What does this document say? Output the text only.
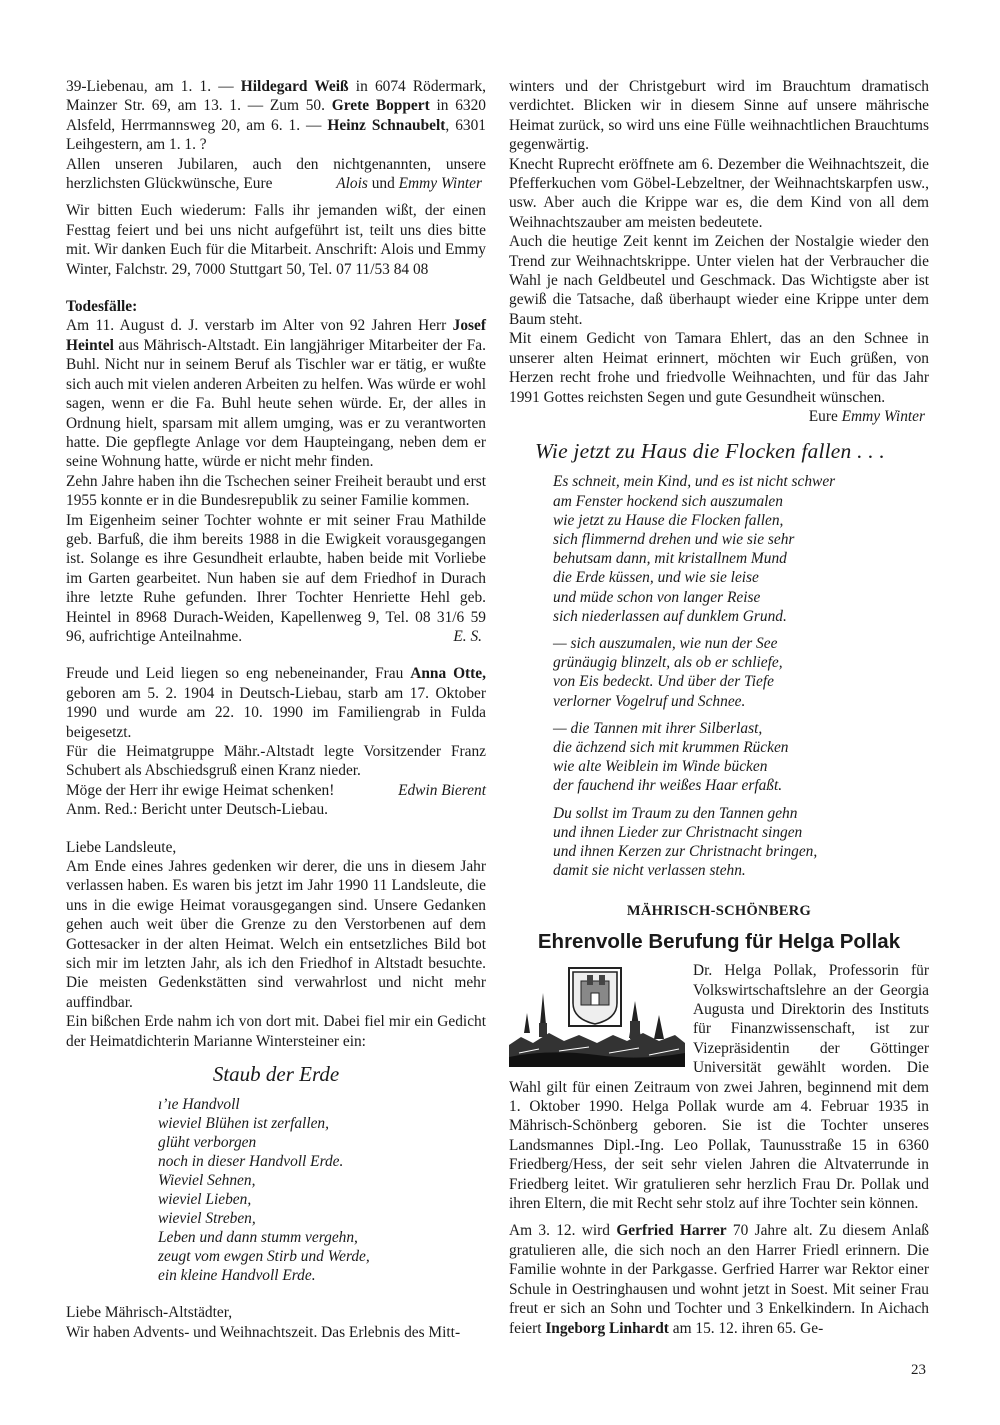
39-Liebenau, am 1. 1. — Hildegard Weiß in 6074 Rödermark, Mainzer Str. 69, am 13. 1. — Zum 50. Grete Boppert in 6320 Alsfeld, Herrmannsweg 20, am 6. 1. — Heinz Schnaubelt, 6301 Leihgestern, am 1. 1. ?

Allen unseren Jubilaren, auch den nichtgenannten, unsere herzlichsten Glückwünsche, Eure	Alois und Emmy Winter

Wir bitten Euch wiederum: Falls ihr jemanden wißt, der einen Festtag feiert und bei uns nicht aufgeführt ist, teilt uns dies bitte mit. Wir danken Euch für die Mitarbeit. Anschrift: Alois und Emmy Winter, Falchstr. 29, 7000 Stuttgart 50, Tel. 07 11/53 84 08

Todesfälle:

Am 11. August d. J. verstarb im Alter von 92 Jahren Herr Josef Heintel aus Mährisch-Altstadt. Ein langjähriger Mitarbeiter der Fa. Buhl. Nicht nur in seinem Beruf als Tischler war er tätig, er wußte sich auch mit vielen anderen Arbeiten zu helfen. Was würde er wohl sagen, wenn er die Fa. Buhl heute sehen würde. Er, der alles in Ordnung hielt, sparsam mit allem umging, was er zu verantworten hatte. Die gepflegte Anlage vor dem Haupteingang, neben dem er seine Wohnung hatte, würde er nicht mehr finden.

Zehn Jahre haben ihn die Tschechen seiner Freiheit beraubt und erst 1955 konnte er in die Bundesrepublik zu seiner Familie kommen.

Im Eigenheim seiner Tochter wohnte er mit seiner Frau Mathilde geb. Barfuß, die ihm bereits 1988 in die Ewigkeit vorausgegangen ist. Solange es ihre Gesundheit erlaubte, haben beide mit Vorliebe im Garten gearbeitet. Nun haben sie auf dem Friedhof in Durach ihre letzte Ruhe gefunden. Ihrer Tochter Henriette Hehl geb. Heintel in 8968 Durach-Weiden, Kapellenweg 9, Tel. 08 31/6 59 96, aufrichtige Anteilnahme.	E. S.

Freude und Leid liegen so eng nebeneinander, Frau Anna Otte, geboren am 5. 2. 1904 in Deutsch-Liebau, starb am 17. Oktober 1990 und wurde am 22. 10. 1990 im Familiengrab in Fulda beigesetzt.

Für die Heimatgruppe Mähr.-Altstadt legte Vorsitzender Franz Schubert als Abschiedsgruß einen Kranz nieder.

Möge der Herr ihr ewige Heimat schenken!	Edwin Bierent

Anm. Red.: Bericht unter Deutsch-Liebau.

Liebe Landsleute,

Am Ende eines Jahres gedenken wir derer, die uns in diesem Jahr verlassen haben. Es waren bis jetzt im Jahr 1990 11 Landsleute, die uns in die ewige Heimat vorausgegangen sind. Unsere Gedanken gehen auch weit über die Grenze zu den Verstorbenen auf dem Gottesacker in der alten Heimat. Welch ein entsetzliches Bild bot sich mir im letzten Jahr, als ich den Friedhof in Altstadt besuchte. Die meisten Gedenkstätten sind verwahrlost und nicht mehr auffindbar.

Ein bißchen Erde nahm ich von dort mit. Dabei fiel mir ein Gedicht der Heimatdichterin Marianne Wintersteiner ein:

Staub der Erde
ıʼıe Handvoll
wieviel Blühen ist zerfallen,
glüht verborgen
noch in dieser Handvoll Erde.
Wieviel Sehnen,
wieviel Lieben,
wieviel Streben,
Leben und dann stumm vergehn,
zeugt vom ewgen Stirb und Werde,
ein kleine Handvoll Erde.

Liebe Mährisch-Altstädter,

Wir haben Advents- und Weihnachtszeit. Das Erlebnis des Mitt-

winters und der Christgeburt wird im Brauchtum dramatisch verdichtet. Blicken wir in diesem Sinne auf unsere mährische Heimat zurück, so wird uns eine Fülle weihnachtlichen Brauchtums gegenwärtig.

Knecht Ruprecht eröffnete am 6. Dezember die Weihnachtszeit, die Pfefferkuchen vom Göbel-Lebzeltner, der Weihnachtskarpfen usw., usw. Aber auch die Krippe war es, die dem Kind von all dem Weihnachtszauber am meisten bedeutete.

Auch die heutige Zeit kennt im Zeichen der Nostalgie wieder den Trend zur Weihnachtskrippe. Unter vielen hat der Verbraucher die Wahl je nach Geldbeutel und Geschmack. Das Wichtigste aber ist gewiß die Tatsache, daß überhaupt wieder eine Krippe unter dem Baum steht.

Mit einem Gedicht von Tamara Ehlert, das an den Schnee in unserer alten Heimat erinnert, möchten wir Euch grüßen, von Herzen recht frohe und friedvolle Weihnachten, und für das Jahr 1991 Gottes reichsten Segen und gute Gesundheit wünschen.

Eure Emmy Winter

Wie jetzt zu Haus die Flocken fallen . . .
Es schneit, mein Kind, und es ist nicht schwer
am Fenster hockend sich auszumalen
wie jetzt zu Hause die Flocken fallen,
sich flimmernd drehen und wie sie sehr
behutsam dann, mit kristallnem Mund
die Erde küssen, und wie sie leise
und müde schon von langer Reise
sich niederlassen auf dunklem Grund.
— sich auszumalen, wie nun der See
grünäugig blinzelt, als ob er schliefe,
von Eis bedeckt. Und über der Tiefe
verlorner Vogelruf und Schnee.
— die Tannen mit ihrer Silberlast,
die ächzend sich mit krummen Rücken
wie alte Weiblein im Winde bücken
der fauchend ihr weißes Haar erfaßt.
Du sollst im Traum zu den Tannen gehn
und ihnen Lieder zur Christnacht singen
und ihnen Kerzen zur Christnacht bringen,
damit sie nicht verlassen stehn.
MÄHRISCH-SCHÖNBERG
Ehrenvolle Berufung für Helga Pollak

Dr. Helga Pollak, Professorin für Volkswirtschaftslehre an der Georgia Augusta und Direktorin des Instituts für Finanzwissenschaft, ist zur Vizepräsidentin der Göttinger Universität gewählt worden. Die Wahl gilt für einen Zeitraum von zwei Jahren, beginnend mit dem 1. Oktober 1990. Helga Pollak wurde am 4. Februar 1935 in Mährisch-Schönberg geboren. Sie ist die Tochter unseres Landsmannes Dipl.-Ing. Leo Pollak, Taunusstraße 15 in 6360 Friedberg/Hess, der seit sehr vielen Jahren die Altvaterrunde in Friedberg leitet. Wir gratulieren sehr herzlich Frau Dr. Pollak und ihren Eltern, die mit Recht sehr stolz auf ihre Tochter sein können.

Am 3. 12. wird Gerfried Harrer 70 Jahre alt. Zu diesem Anlaß gratulieren alle, die sich noch an den Harrer Friedl erinnern. Die Familie wohnte in der Parkgasse. Gerfried Harrer war Rektor einer Schule in Oestringhausen und wohnt jetzt in Soest. Mit seiner Frau freut er sich an Sohn und Tochter und 3 Enkelkindern. In Aichach feiert Ingeborg Linhardt am 15. 12. ihren 65. Ge-

23
